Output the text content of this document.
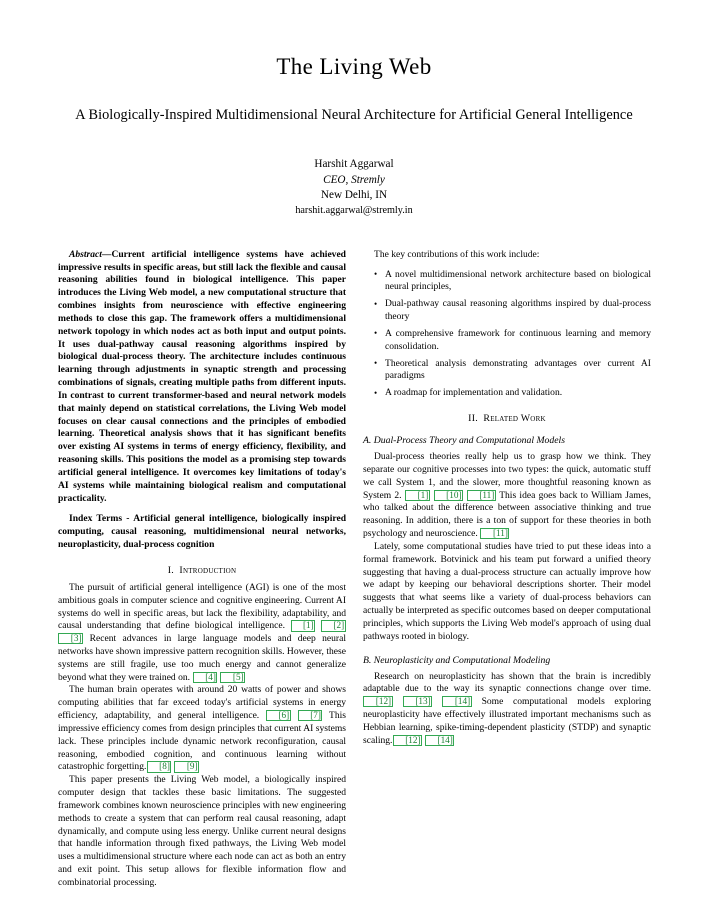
The Living Web
A Biologically-Inspired Multidimensional Neural Architecture for Artificial General Intelligence
Harshit Aggarwal
CEO, Stremly
New Delhi, IN
harshit.aggarwal@stremly.in

Abstract—Current artificial intelligence systems have achieved impressive results in specific areas, but still lack the flexible and causal reasoning abilities found in biological intelligence. This paper introduces the Living Web model, a new computational structure that combines insights from neuroscience with effective engineering methods to close this gap. The framework offers a multidimensional network topology in which nodes act as both input and output points. It uses dual-pathway causal reasoning algorithms inspired by biological dual-process theory. The architecture includes continuous learning through adjustments in synaptic strength and processing combinations of signals, creating multiple paths from different inputs. In contrast to current transformer-based and neural network models that mainly depend on statistical correlations, the Living Web model focuses on clear causal connections and the principles of embodied learning. Theoretical analysis shows that it has significant benefits over existing AI systems in terms of energy efficiency, flexibility, and reasoning skills. This positions the model as a promising step towards artificial general intelligence. It overcomes key limitations of today's AI systems while maintaining biological realism and computational practicality.

Index Terms - Artificial general intelligence, biologically inspired computing, causal reasoning, multidimensional neural networks, neuroplasticity, dual-process cognition

I. Introduction

The pursuit of artificial general intelligence (AGI) is one of the most ambitious goals in computer science and cognitive engineering. Current AI systems do well in specific areas, but lack the flexibility, adaptability, and causal understanding that define biological intelligence. [1] [2] [3] Recent advances in large language models and deep neural networks have shown impressive pattern recognition skills. However, these systems are still fragile, use too much energy and cannot generalize beyond what they were trained on. [4] [5]

The human brain operates with around 20 watts of power and shows computing abilities that far exceed today's artificial systems in energy efficiency, adaptability, and general intelligence. [6] [7] This impressive efficiency comes from design principles that current AI systems lack. These principles include dynamic network reconfiguration, causal reasoning, embodied cognition, and continuous learning without catastrophic forgetting. [8] [9]

This paper presents the Living Web model, a biologically inspired computer design that tackles these basic limitations. The suggested framework combines known neuroscience principles with new engineering methods to create a system that can perform real causal reasoning, adapt dynamically, and compute using less energy. Unlike current neural designs that handle information through fixed pathways, the Living Web model uses a multidimensional structure where each node can act as both an entry and exit point. This setup allows for flexible information flow and combinatorial processing.

The key contributions of this work include:

• A novel multidimensional network architecture based on biological neural principles,
• Dual-pathway causal reasoning algorithms inspired by dual-process theory
• A comprehensive framework for continuous learning and memory consolidation.
• Theoretical analysis demonstrating advantages over current AI paradigms
• A roadmap for implementation and validation.
II. Related Work
A. Dual-Process Theory and Computational Models

Dual-process theories really help us to grasp how we think. They separate our cognitive processes into two types: the quick, automatic stuff we call System 1, and the slower, more thoughtful reasoning known as System 2. [1] [10] [11] This idea goes back to William James, who talked about the difference between associative thinking and true reasoning. In addition, there is a ton of support for these theories in both psychology and neuroscience. [11]

Lately, some computational studies have tried to put these ideas into a formal framework. Botvinick and his team put forward a unified theory suggesting that having a dual-process structure can actually improve how we adapt by keeping our behavioral descriptions shorter. Their model suggests that what seems like a variety of dual-process behaviors can actually be interpreted as specific outcomes based on deeper computational principles, which supports the Living Web model's approach of using dual pathways rooted in biology.

B. Neuroplasticity and Computational Modeling

Research on neuroplasticity has shown that the brain is incredibly adaptable due to the way its synaptic connections change over time. [12]	[13]	[14] Some computational models exploring neuroplasticity have effectively illustrated important mechanisms such as Hebbian learning, spike-timing-dependent plasticity (STDP) and synaptic scaling. [12] [14]
